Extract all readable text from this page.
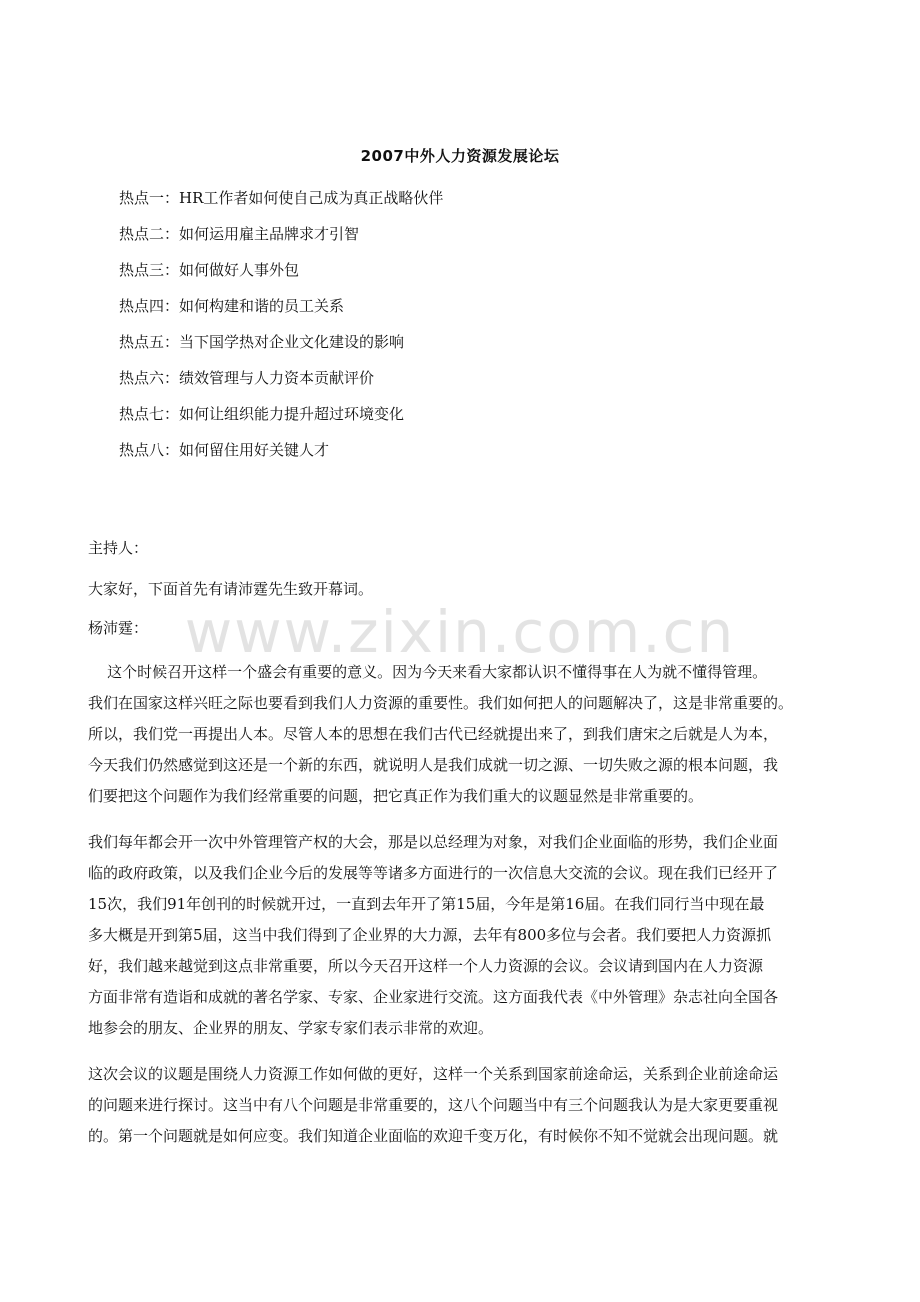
www.zixin.com.cn
2007中外人力资源发展论坛
热点一：HR工作者如何使自己成为真正战略伙伴
热点二：如何运用雇主品牌求才引智
热点三：如何做好人事外包
热点四：如何构建和谐的员工关系
热点五：当下国学热对企业文化建设的影响
热点六：绩效管理与人力资本贡献评价
热点七：如何让组织能力提升超过环境变化
热点八：如何留住用好关键人才

主持人：

大家好，下面首先有请沛霆先生致开幕词。

杨沛霆：

这个时候召开这样一个盛会有重要的意义。因为今天来看大家都认识不懂得事在人为就不懂得管理。

我们在国家这样兴旺之际也要看到我们人力资源的重要性。我们如何把人的问题解决了，这是非常重要的。

所以，我们党一再提出人本。尽管人本的思想在我们古代已经就提出来了，到我们唐宋之后就是人为本，

今天我们仍然感觉到这还是一个新的东西，就说明人是我们成就一切之源、一切失败之源的根本问题，我

们要把这个问题作为我们经常重要的问题，把它真正作为我们重大的议题显然是非常重要的。

我们每年都会开一次中外管理管产权的大会，那是以总经理为对象，对我们企业面临的形势，我们企业面

临的政府政策，以及我们企业今后的发展等等诸多方面进行的一次信息大交流的会议。现在我们已经开了

15次，我们91年创刊的时候就开过，一直到去年开了第15届，今年是第16届。在我们同行当中现在最

多大概是开到第5届，这当中我们得到了企业界的大力源，去年有800多位与会者。我们要把人力资源抓

好，我们越来越觉到这点非常重要，所以今天召开这样一个人力资源的会议。会议请到国内在人力资源

方面非常有造诣和成就的著名学家、专家、企业家进行交流。这方面我代表《中外管理》杂志社向全国各

地参会的朋友、企业界的朋友、学家专家们表示非常的欢迎。

这次会议的议题是围绕人力资源工作如何做的更好，这样一个关系到国家前途命运，关系到企业前途命运

的问题来进行探讨。这当中有八个问题是非常重要的，这八个问题当中有三个问题我认为是大家更要重视

的。第一个问题就是如何应变。我们知道企业面临的欢迎千变万化，有时候你不知不觉就会出现问题。就
